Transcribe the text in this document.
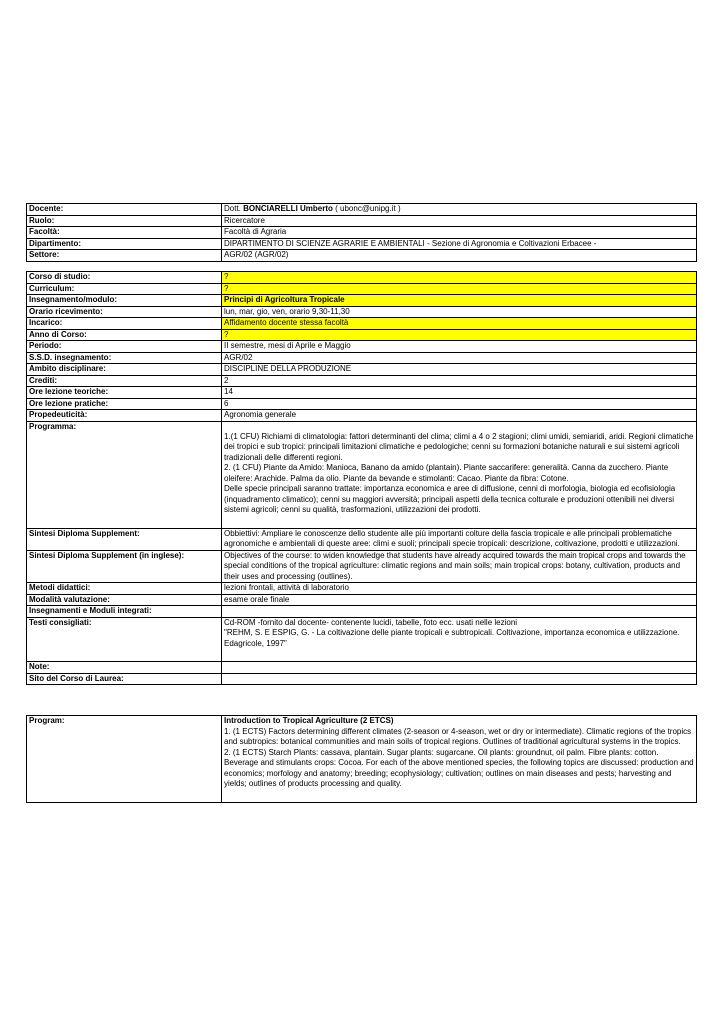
Docente:	Dott. BONCIARELLI Umberto ( ubonc@unipg.it )
Ruolo:	Ricercatore
Facoltà:	Facoltà di Agraria
Dipartimento:	DIPARTIMENTO DI SCIENZE AGRARIE E AMBIENTALI - Sezione di Agronomia e Coltivazioni Erbacee -
Settore:	AGR/02 (AGR/02)
Corso di studio:	?
Curriculum:	?
Insegnamento/modulo:	Principi di Agricoltura Tropicale
Orario ricevimento:	lun, mar, gio, ven, orario 9,30-11,30
Incarico:	Affidamento docente stessa facoltà
Anno di Corso:	?
Periodo:	II semestre, mesi di Aprile e Maggio
S.S.D. insegnamento:	AGR/02
Ambito disciplinare:	DISCIPLINE DELLA PRODUZIONE
Crediti:	2
Ore lezione teoriche:	14
Ore lezione pratiche:	6
Propedeuticità:	Agronomia generale
Programma:	1.(1 CFU) Richiami di climatologia: fattori determinanti del clima; climi a 4 o 2 stagioni; climi umidi, semiaridi, aridi. Regioni climatiche dei tropici e sub tropici: principali limitazioni climatiche e pedologiche; cenni su formazioni botaniche naturali e sui sistemi agricoli tradizionali delle differenti regioni.

2. (1 CFU) Piante da Amido: Manioca, Banano da amido (plantain). Piante saccarifere: generalità. Canna da zucchero. Piante oleifere: Arachide. Palma da olio. Piante da bevande e stimolanti: Cacao. Piante da fibra: Cotone.

Delle specie principali saranno trattate: importanza economica e aree di diffusione, cenni di morfologia, biologia ed ecofisiologia (inquadramento climatico); cenni su maggiori avversità; principali aspetti della tecnica colturale e produzioni ottenibili nei diversi sistemi agricoli; cenni su qualità, trasformazioni, utilizzazioni dei prodotti.

Sintesi Diploma Supplement:	Obbiettivi: Ampliare le conoscenze dello studente alle più importanti colture della fascia tropicale e alle principali problematiche agronomiche e ambientali di queste aree: climi e suoli; principali specie tropicali: descrizione, coltivazione, prodotti e utilizzazioni.
Sintesi Diploma Supplement (in inglese):	Objectives of the course: to widen knowledge that students have already acquired towards the main tropical crops and towards the special conditions of the tropical agriculture: climatic regions and main soils; main tropical crops: botany, cultivation, products and their uses and processing (outlines).
Metodi didattici:	lezioni frontali, attività di laboratorio
Modalità valutazione:	esame orale finale
Insegnamenti e Moduli integrati:	
Testi consigliati:	Cd-ROM -fornito dal docente- contenente lucidi, tabelle, foto ecc. usati nelle lezioni

"REHM, S. E ESPIG, G. - La coltivazione delle piante tropicali e subtropicali. Coltivazione, importanza economica e utilizzazione. Edagricole, 1997"

Note:	
Sito del Corso di Laurea:	
Program:	Introduction to Tropical Agriculture (2 ETCS)

1. (1 ECTS) Factors determining different climates (2-season or 4-season, wet or dry or intermediate). Climatic regions of the tropics and subtropics: botanical communities and main soils of tropical regions. Outlines of traditional agricultural systems in the tropics.

2. (1 ECTS) Starch Plants: cassava, plantain. Sugar plants: sugarcane. Oil plants: groundnut, oil palm. Fibre plants: cotton. Beverage and stimulants crops: Cocoa. For each of the above mentioned species, the following topics are discussed: production and economics; morfology and anatomy; breeding; ecophysiology; cultivation; outlines on main diseases and pests; harvesting and yields; outlines of products processing and quality.
